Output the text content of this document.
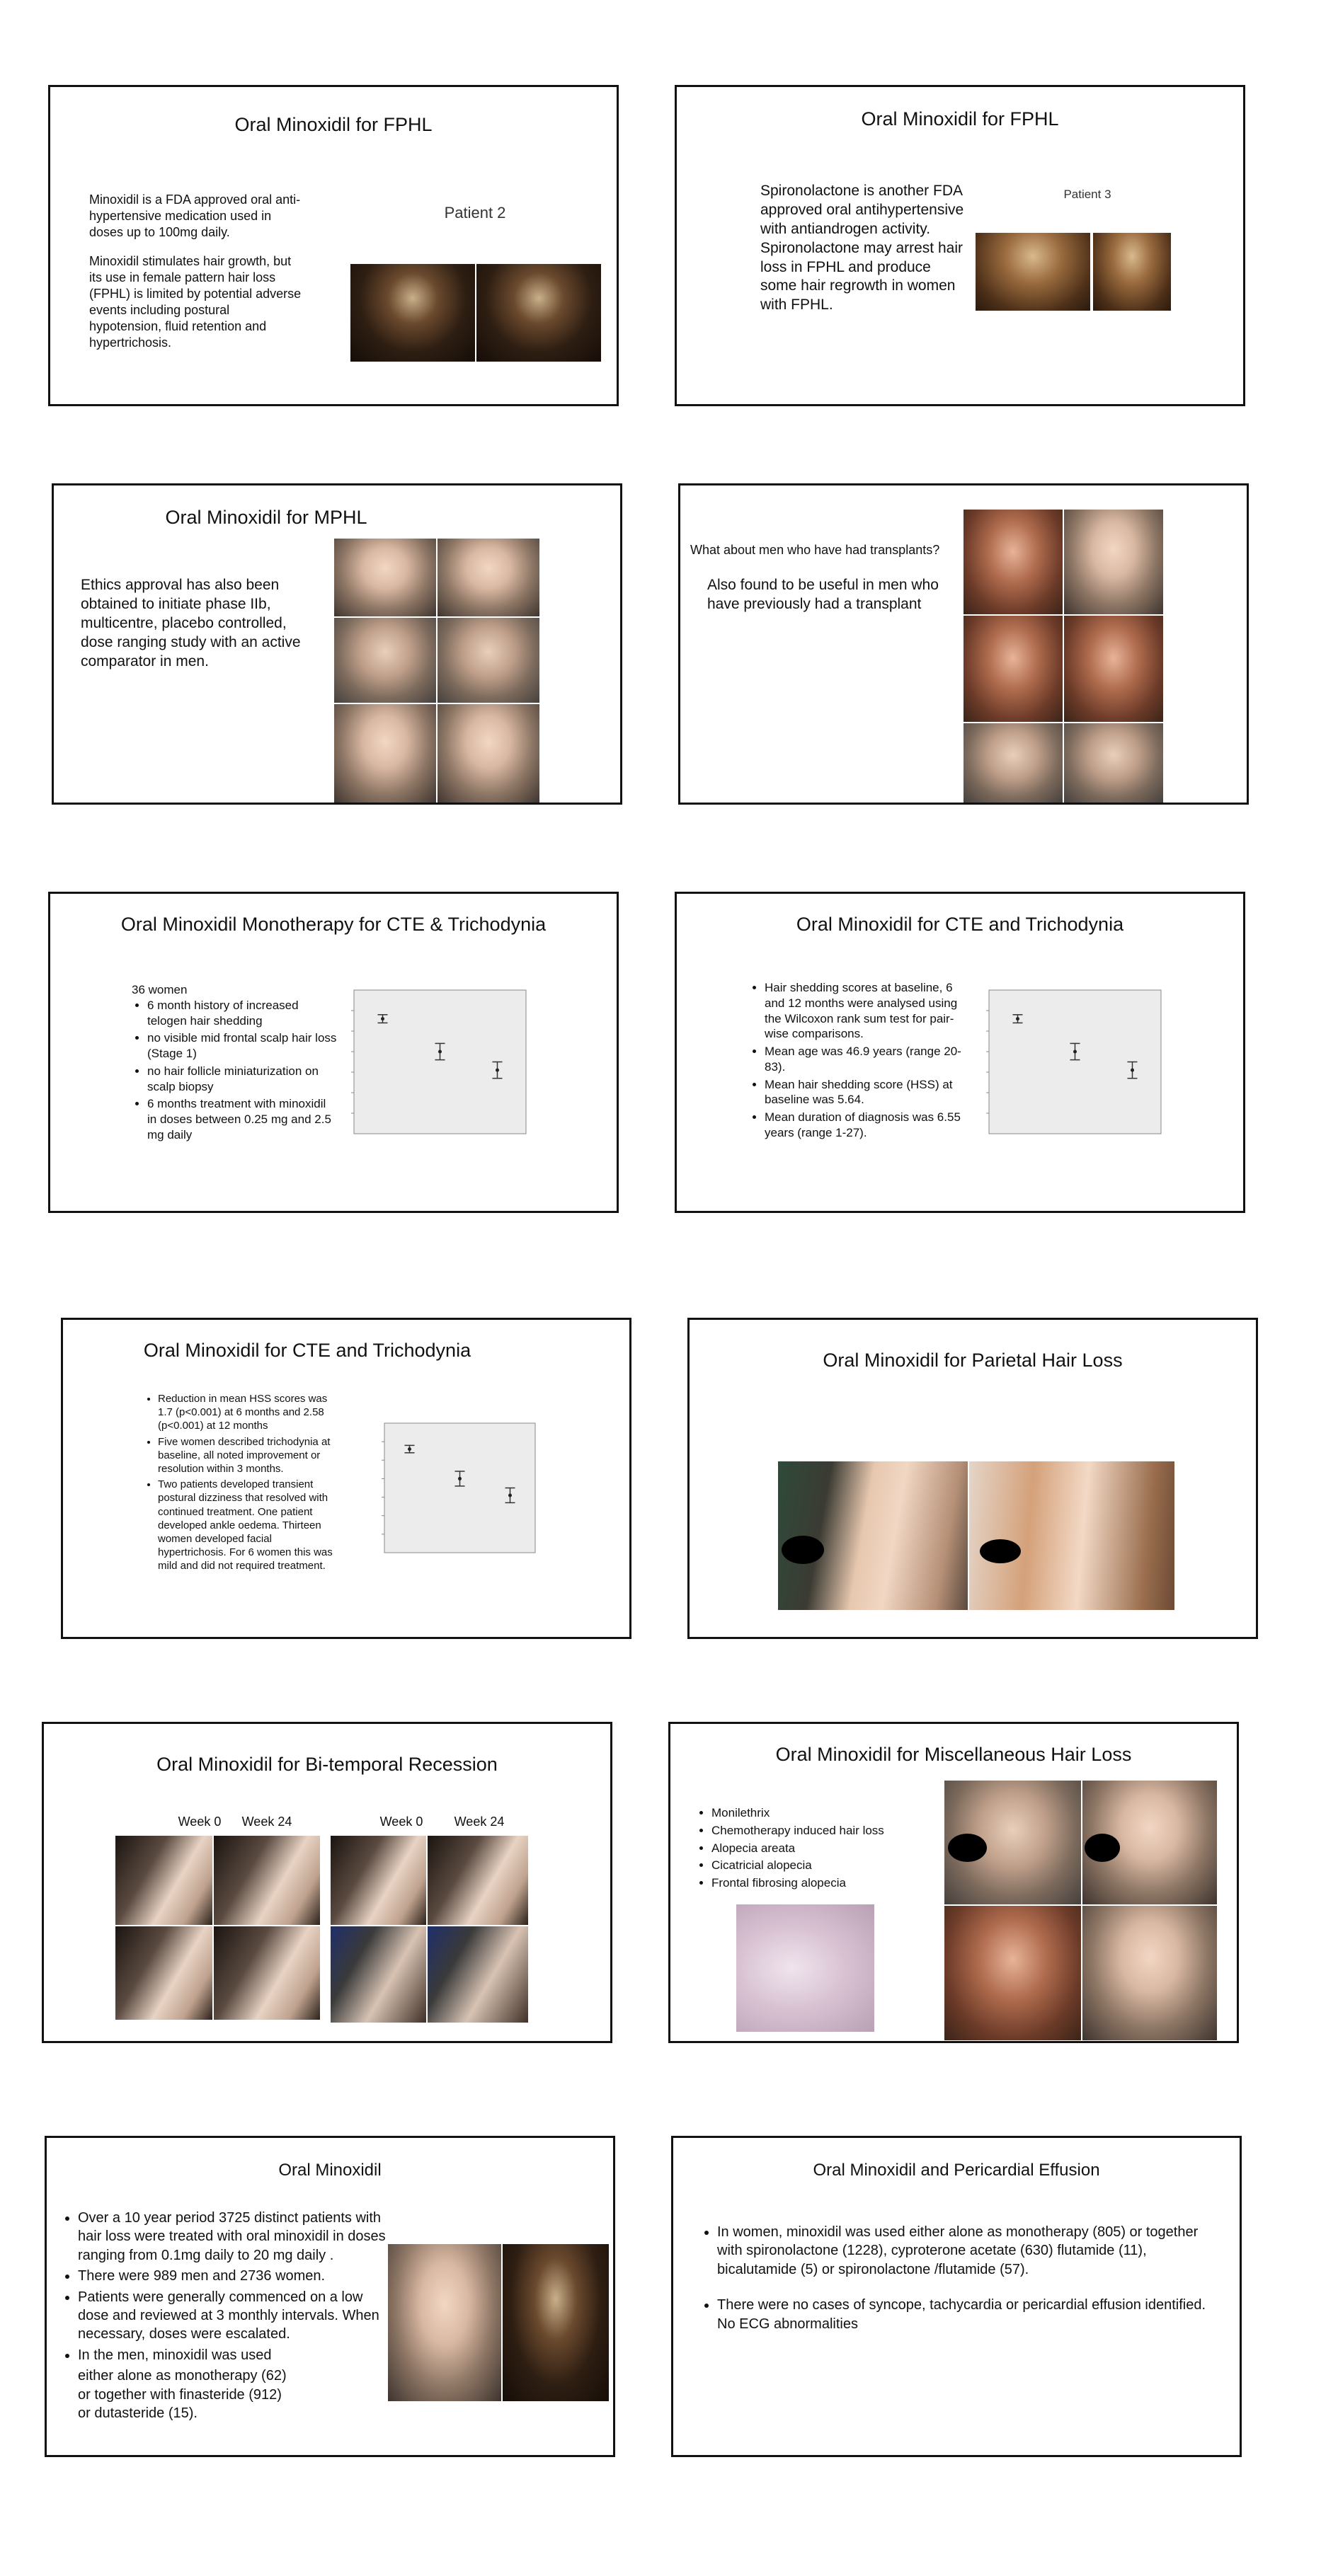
Oral Minoxidil for FPHL

Minoxidil is a FDA approved oral anti- hypertensive medication used in doses up to 100mg daily.

Minoxidil stimulates hair growth, but its use in female pattern hair loss (FPHL) is limited by potential adverse events including postural hypotension, fluid retention and hypertrichosis.

Patient 2
Oral Minoxidil for FPHL
Spironolactone is another FDA approved oral antihypertensive with antiandrogen activity. Spironolactone may arrest hair loss in FPHL and produce some hair regrowth in women with FPHL.
Patient 3
Oral Minoxidil for MPHL
Ethics approval has also been obtained to initiate phase IIb, multicentre, placebo controlled, dose ranging study with an active comparator in men.
What about men who have had transplants?
Also found to be useful in men who have previously had a transplant
Oral Minoxidil Monotherapy for CTE & Trichodynia
36 women
• 6 month history of increased telogen hair shedding
• no visible mid frontal scalp hair loss (Stage 1)
• no hair follicle miniaturization on scalp biopsy
• 6 months treatment with minoxidil in doses between 0.25 mg and 2.5 mg daily
Oral Minoxidil for CTE and Trichodynia
• Hair shedding scores at baseline, 6 and 12 months were analysed using the Wilcoxon rank sum test for pair-wise comparisons.
• Mean age was 46.9 years (range 20-83).
• Mean hair shedding score (HSS) at baseline was 5.64.
• Mean duration of diagnosis was 6.55 years (range 1-27).
Oral Minoxidil for CTE and Trichodynia
• Reduction in mean HSS scores was 1.7 (p<0.001) at 6 months and 2.58 (p<0.001) at 12 months
• Five women described trichodynia at baseline, all noted improvement or resolution within 3 months.
• Two patients developed transient postural dizziness that resolved with continued treatment. One patient developed ankle oedema. Thirteen women developed facial hypertrichosis. For 6 women this was mild and did not required treatment.
Oral Minoxidil for Parietal Hair Loss
Oral Minoxidil for Bi-temporal Recession
Week 0	Week 24	Week 0	Week 24
Oral Minoxidil for Miscellaneous Hair Loss
• Monilethrix
• Chemotherapy induced hair loss
• Alopecia areata
• Cicatricial alopecia
• Frontal fibrosing alopecia
Oral Minoxidil
• Over a 10 year period 3725 distinct patients with hair loss were treated with oral minoxidil in doses ranging from 0.1mg daily to 20 mg daily .
• There were 989 men and 2736 women.
• Patients were generally commenced on a low dose and reviewed at 3 monthly intervals. When necessary, doses were escalated.
• In the men, minoxidil was used
either alone as monotherapy (62)
or together with finasteride (912)
or dutasteride (15).
Oral Minoxidil and Pericardial Effusion
• In women, minoxidil was used either alone as monotherapy (805) or together with spironolactone (1228), cyproterone acetate (630) flutamide (11), bicalutamide (5) or spironolactone /flutamide (57).
• There were no cases of syncope, tachycardia or pericardial effusion identified. No ECG abnormalities
